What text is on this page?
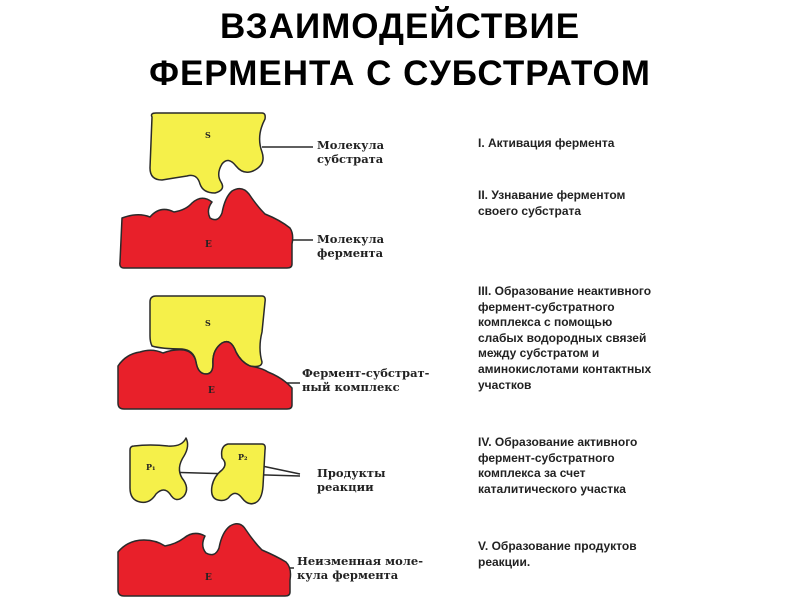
ВЗАИМОДЕЙСТВИЕ
ФЕРМЕНТА С СУБСТРАТОМ
S
E
S
E
P₁
P₂
E
Молекула
субстрата
Молекула
фермента
Фермент-субстрат-
ный комплекс
Продукты
реакции
Неизменная моле-
кула фермента
I. Активация фермента
II. Узнавание ферментом
своего субстрата
III. Образование неактивного
фермент-субстратного
комплекса с помощью
слабых водородных связей
между субстратом и
аминокислотами контактных
участков
IV. Образование активного
фермент-субстратного
комплекса за счет
каталитического участка
V. Образование продуктов
реакции.
